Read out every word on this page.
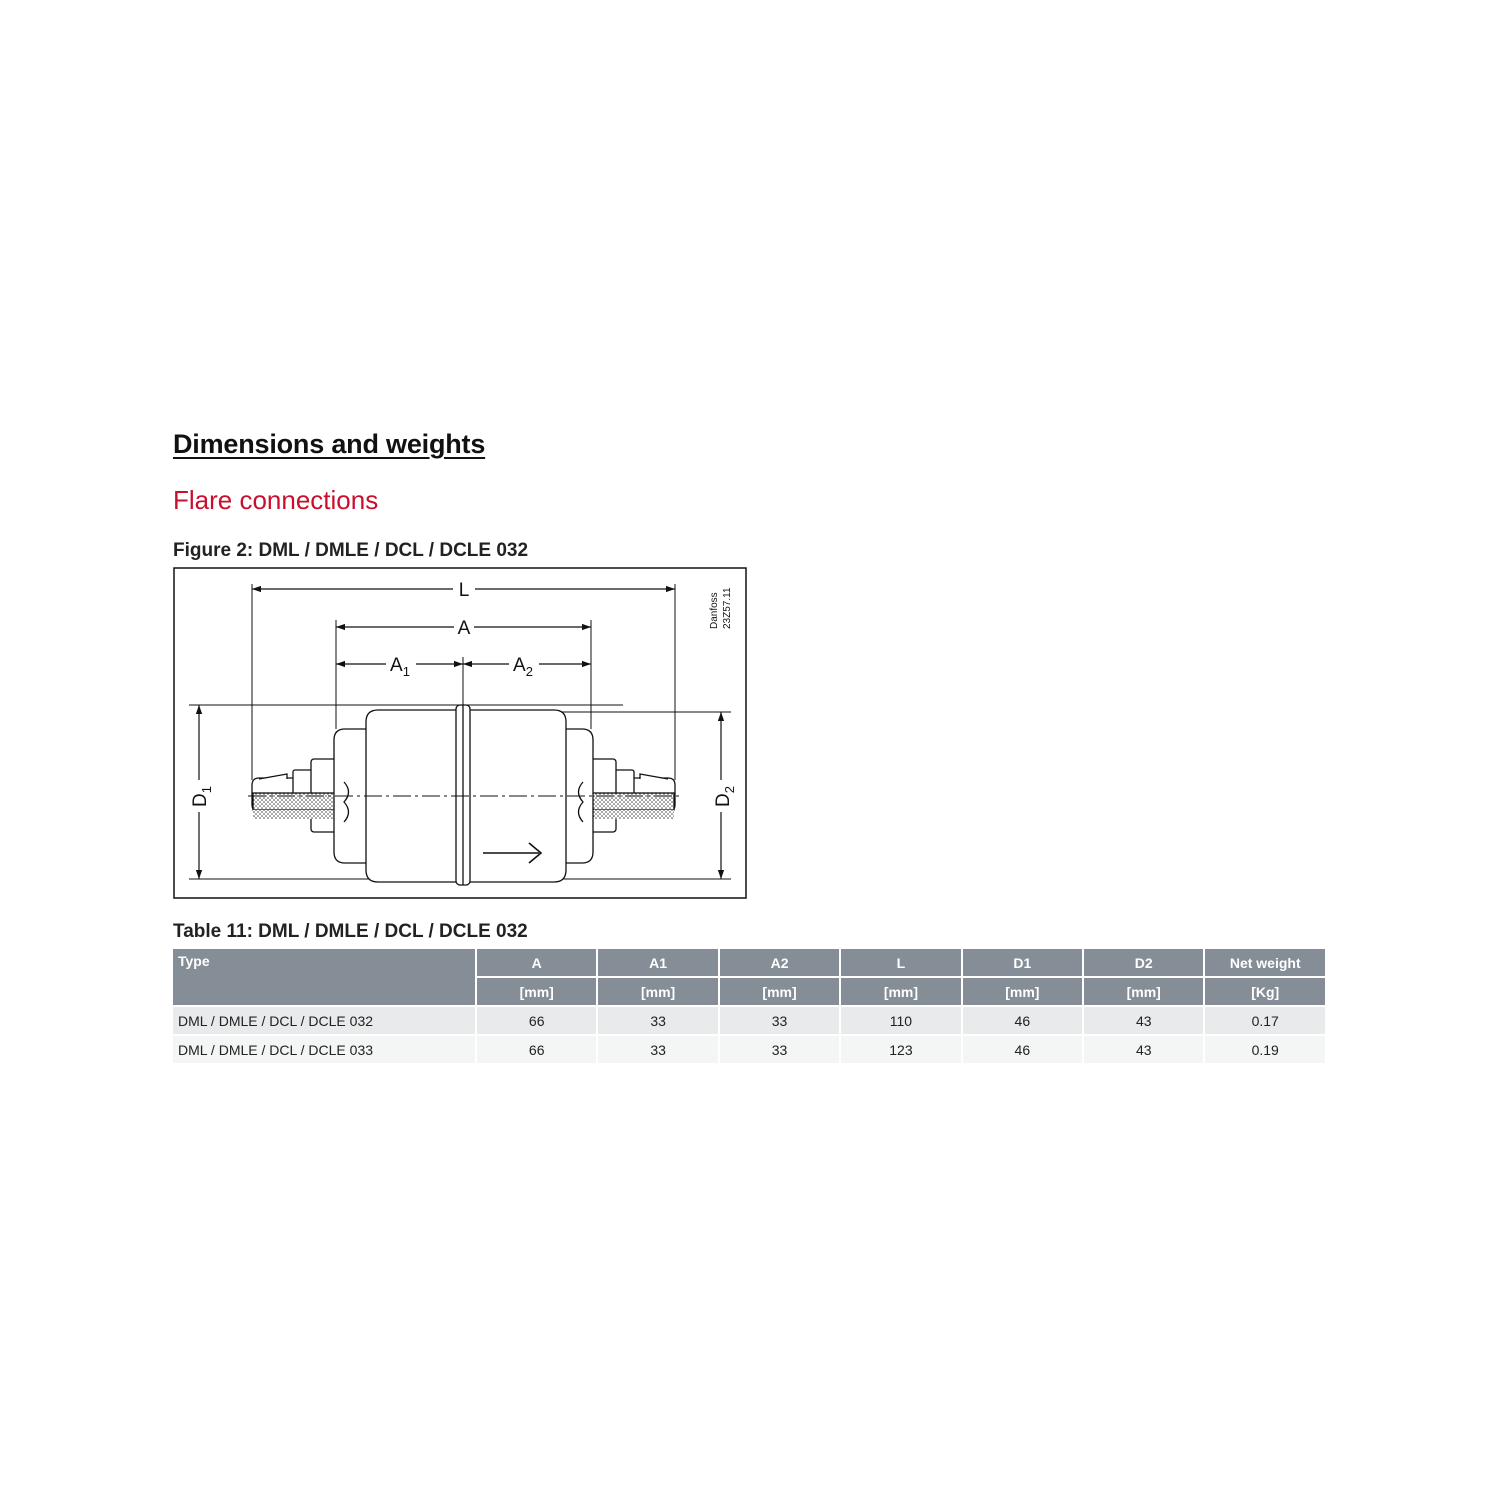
Dimensions and weights
Flare connections
Figure 2: DML / DMLE / DCL / DCLE 032
L
A
$A_1$	$A_2$
$D_1$
$D_2$
Danfoss 23Z57.11
Table 11: DML / DMLE / DCL / DCLE 032
Type	A	A1	A2	L	D1	D2	Net weight
	[mm]	[mm]	[mm]	[mm]	[mm]	[mm]	[Kg]
DML / DMLE / DCL / DCLE 032	66	33	33	110	46	43	0.17
DML / DMLE / DCL / DCLE 033	66	33	33	123	46	43	0.19
